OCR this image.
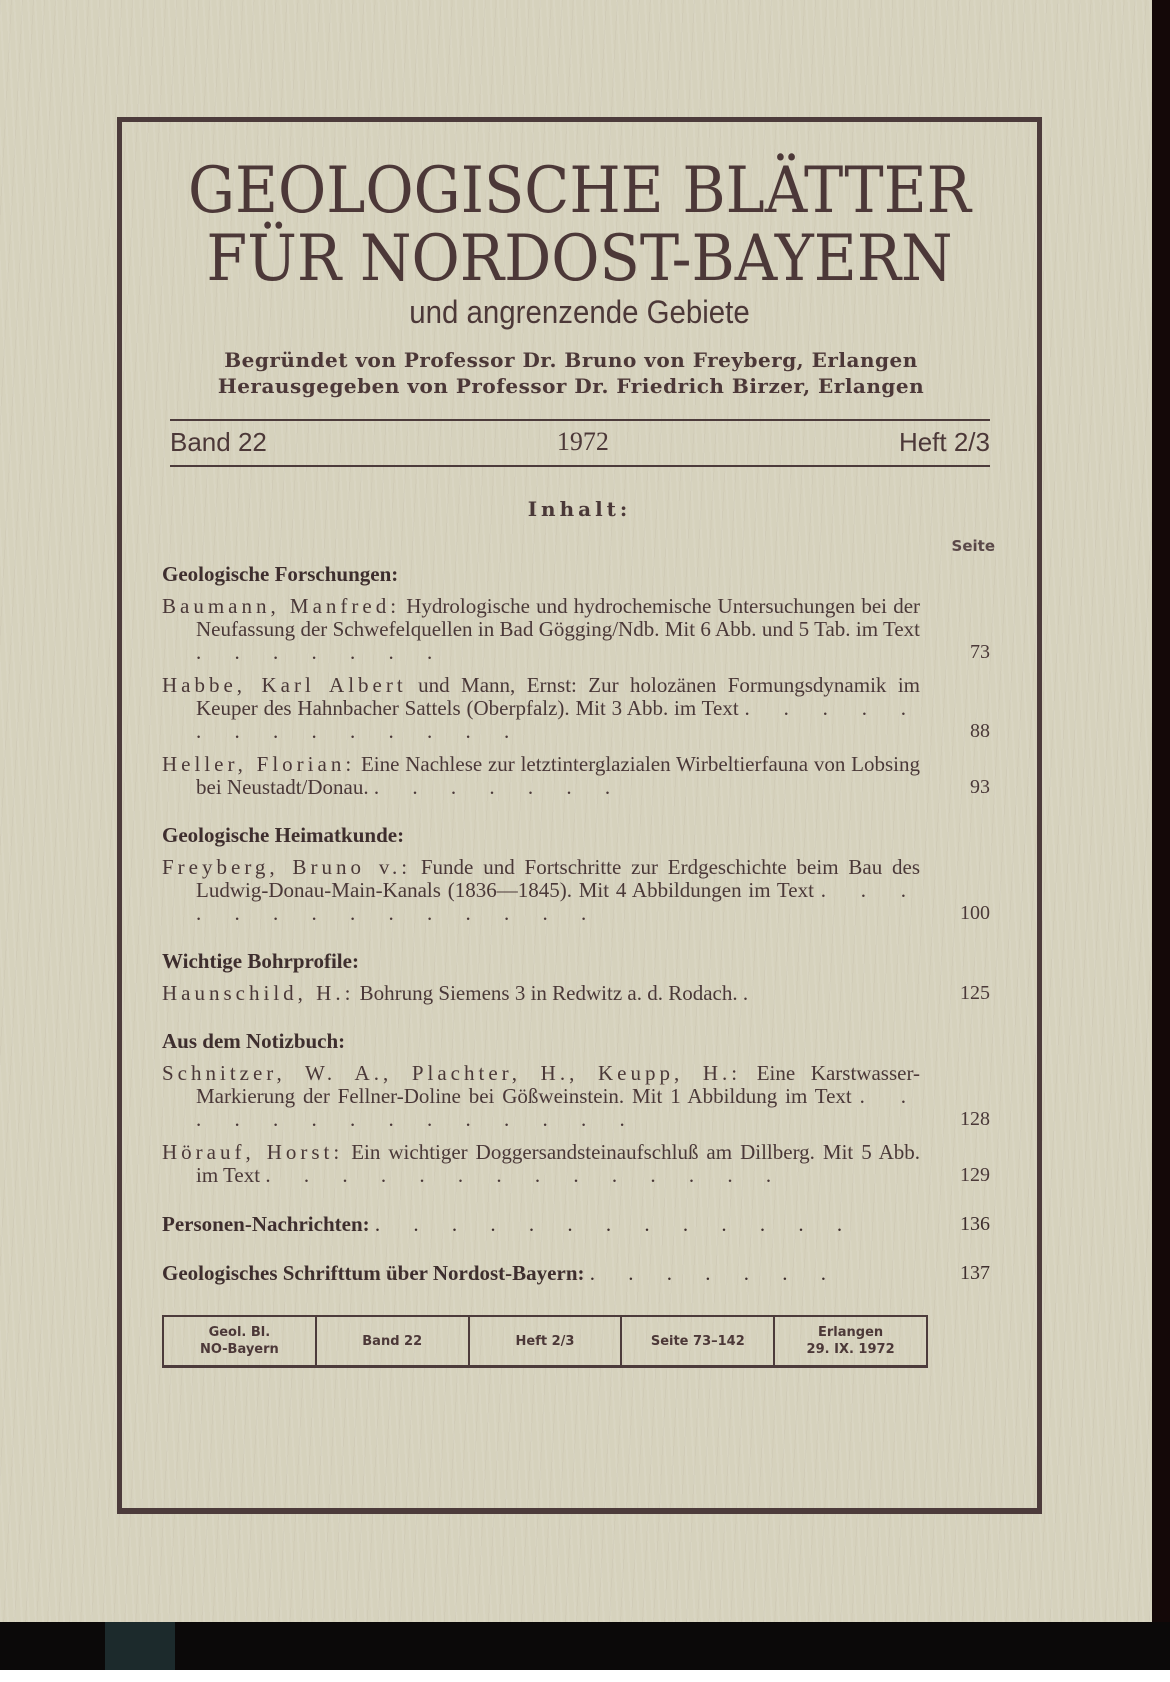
GEOLOGISCHE BLÄTTER
FÜR NORDOST-BAYERN
und angrenzende Gebiete
Begründet von Professor Dr. Bruno von Freyberg, Erlangen
Herausgegeben von Professor Dr. Friedrich Birzer, Erlangen
Band 22	1972	Heft 2/3
Inhalt:
Seite
Geologische Forschungen:
Baumann, Manfred: Hydrologische und hydrochemische Untersuchungen bei der Neufassung der Schwefelquellen in Bad Gögging/Ndb. Mit 6 Abb. und 5 Tab. im Text . . . . . . .	73
Habbe, Karl Albert und Mann, Ernst: Zur holozänen Formungsdynamik im Keuper des Hahnbacher Sattels (Oberpfalz). Mit 3 Abb. im Text . . . . . . . . . . . . . .	88
Heller, Florian: Eine Nachlese zur letztinterglazialen Wirbeltierfauna von Lobsing bei Neustadt/Donau. . . . . . . .	93
Geologische Heimatkunde:
Freyberg, Bruno v.: Funde und Fortschritte zur Erdgeschichte beim Bau des Ludwig-Donau-Main-Kanals (1836—1845). Mit 4 Abbildungen im Text . . . . . . . . . . . . . .	100
Wichtige Bohrprofile:
Haunschild, H.: Bohrung Siemens 3 in Redwitz a. d. Rodach. .	125
Aus dem Notizbuch:
Schnitzer, W. A., Plachter, H., Keupp, H.: Eine Karstwasser-Markierung der Fellner-Doline bei Gößweinstein. Mit 1 Abbildung im Text . . . . . . . . . . . . . .	128
Hörauf, Horst: Ein wichtiger Doggersandsteinaufschluß am Dillberg. Mit 5 Abb. im Text . . . . . . . . . . . . . .	129
Personen-Nachrichten: . . . . . . . . . . . . .	136
Geologisches Schrifttum über Nordost-Bayern: . . . . . . .	137
Geol. Bl.
NO-Bayern
Band 22	Heft 2/3	Seite 73–142
Erlangen
29. IX. 1972
